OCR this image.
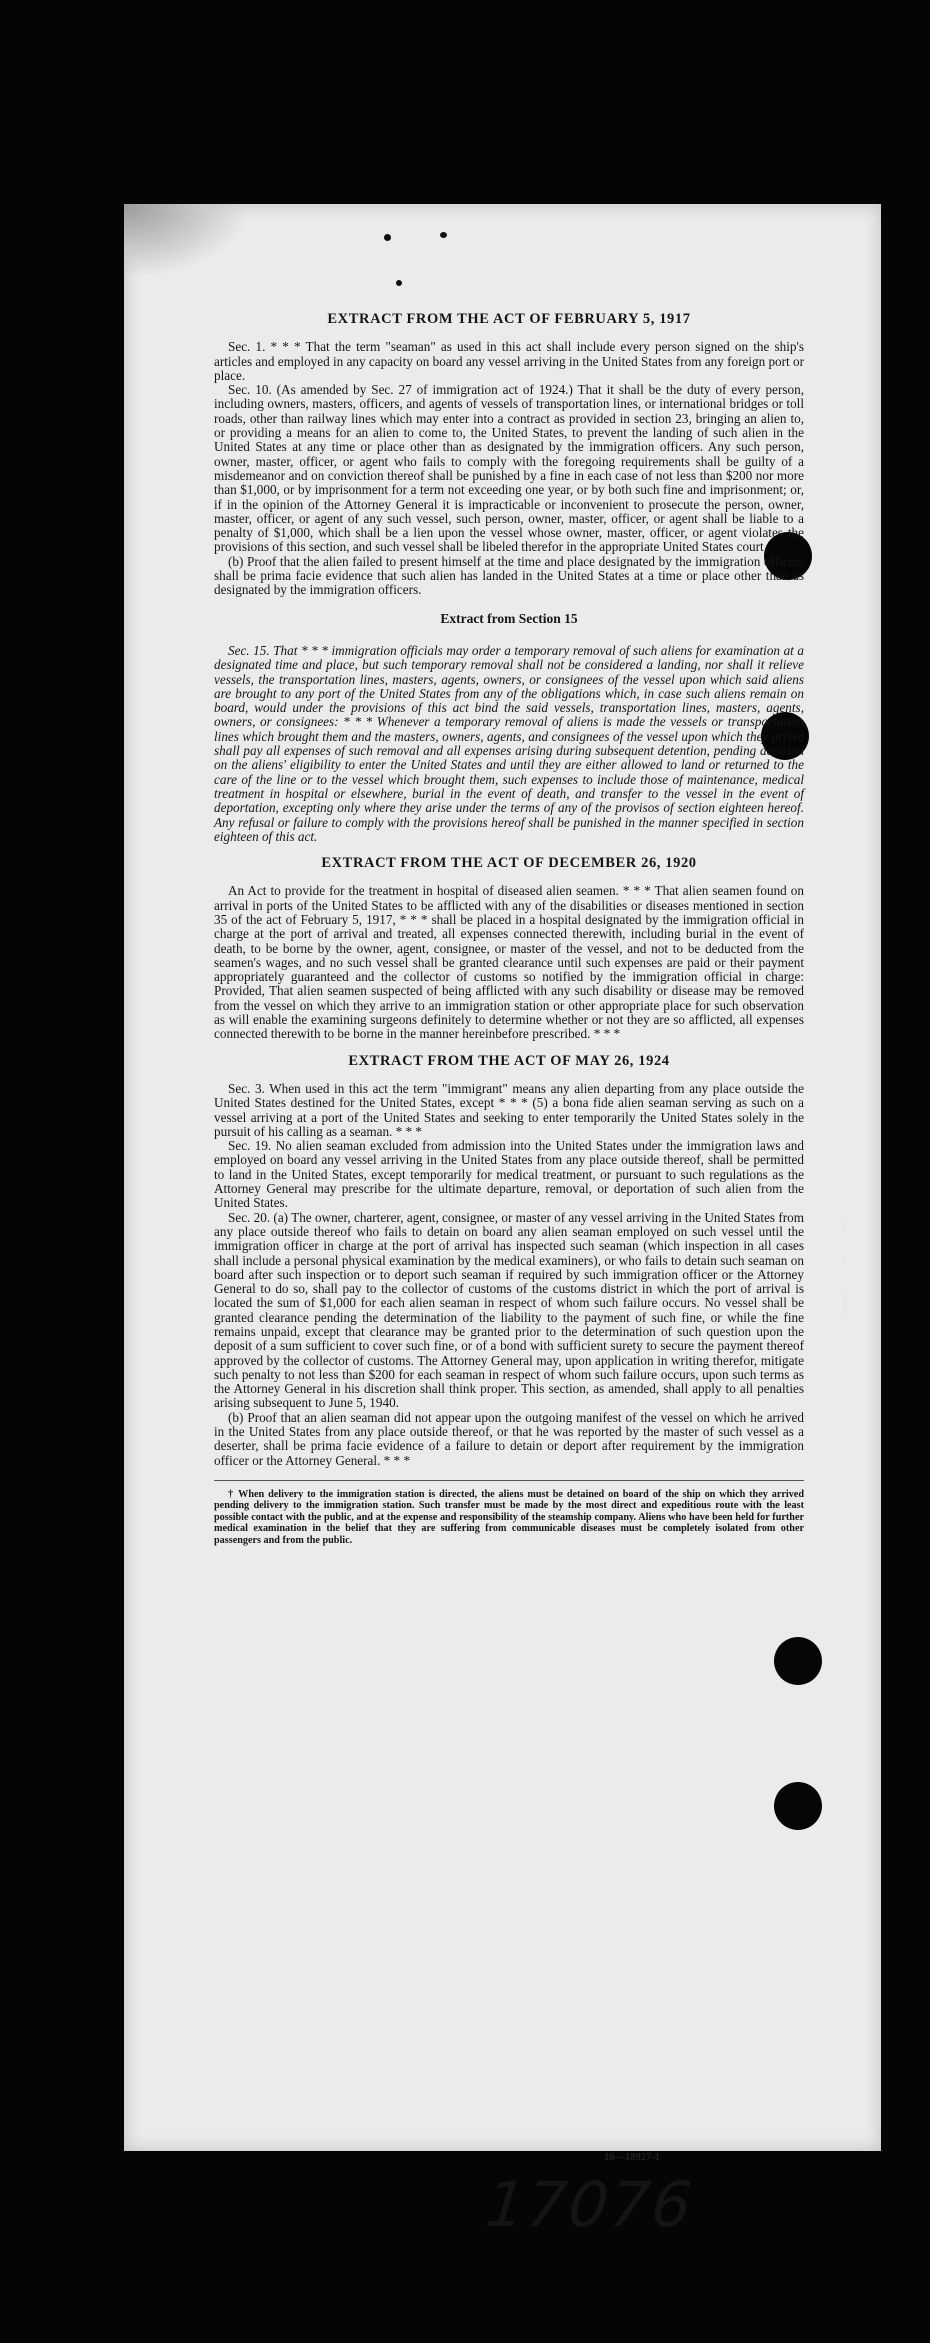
EXTRACT FROM THE ACT OF FEBRUARY 5, 1917

Sec. 1. * * * That the term "seaman" as used in this act shall include every person signed on the ship's articles and employed in any capacity on board any vessel arriving in the United States from any foreign port or place.

Sec. 10. (As amended by Sec. 27 of immigration act of 1924.) That it shall be the duty of every person, including owners, masters, officers, and agents of vessels of transportation lines, or international bridges or toll roads, other than railway lines which may enter into a contract as provided in section 23, bringing an alien to, or providing a means for an alien to come to, the United States, to prevent the landing of such alien in the United States at any time or place other than as designated by the immigration officers. Any such person, owner, master, officer, or agent who fails to comply with the foregoing requirements shall be guilty of a misdemeanor and on conviction thereof shall be punished by a fine in each case of not less than $200 nor more than $1,000, or by imprisonment for a term not exceeding one year, or by both such fine and imprisonment; or, if in the opinion of the Attorney General it is impracticable or inconvenient to prosecute the person, owner, master, officer, or agent of any such vessel, such person, owner, master, officer, or agent shall be liable to a penalty of $1,000, which shall be a lien upon the vessel whose owner, master, officer, or agent violates the provisions of this section, and such vessel shall be libeled therefor in the appropriate United States court.

(b) Proof that the alien failed to present himself at the time and place designated by the immigration officers shall be prima facie evidence that such alien has landed in the United States at a time or place other than as designated by the immigration officers.

Extract from Section 15

Sec. 15. That * * * immigration officials may order a temporary removal of such aliens for examination at a designated time and place, but such temporary removal shall not be considered a landing, nor shall it relieve vessels, the transportation lines, masters, agents, owners, or consignees of the vessel upon which said aliens are brought to any port of the United States from any of the obligations which, in case such aliens remain on board, would under the provisions of this act bind the said vessels, transportation lines, masters, agents, owners, or consignees: * * * Whenever a temporary removal of aliens is made the vessels or transportation lines which brought them and the masters, owners, agents, and consignees of the vessel upon which they arrive shall pay all expenses of such removal and all expenses arising during subsequent detention, pending decision on the aliens' eligibility to enter the United States and until they are either allowed to land or returned to the care of the line or to the vessel which brought them, such expenses to include those of maintenance, medical treatment in hospital or elsewhere, burial in the event of death, and transfer to the vessel in the event of deportation, excepting only where they arise under the terms of any of the provisos of section eighteen hereof. Any refusal or failure to comply with the provisions hereof shall be punished in the manner specified in section eighteen of this act.

EXTRACT FROM THE ACT OF DECEMBER 26, 1920

An Act to provide for the treatment in hospital of diseased alien seamen. * * * That alien seamen found on arrival in ports of the United States to be afflicted with any of the disabilities or diseases mentioned in section 35 of the act of February 5, 1917, * * * shall be placed in a hospital designated by the immigration official in charge at the port of arrival and treated, all expenses connected therewith, including burial in the event of death, to be borne by the owner, agent, consignee, or master of the vessel, and not to be deducted from the seamen's wages, and no such vessel shall be granted clearance until such expenses are paid or their payment appropriately guaranteed and the collector of customs so notified by the immigration official in charge: Provided, That alien seamen suspected of being afflicted with any such disability or disease may be removed from the vessel on which they arrive to an immigration station or other appropriate place for such observation as will enable the examining surgeons definitely to determine whether or not they are so afflicted, all expenses connected therewith to be borne in the manner hereinbefore prescribed. * * *

EXTRACT FROM THE ACT OF MAY 26, 1924

Sec. 3. When used in this act the term "immigrant" means any alien departing from any place outside the United States destined for the United States, except * * * (5) a bona fide alien seaman serving as such on a vessel arriving at a port of the United States and seeking to enter temporarily the United States solely in the pursuit of his calling as a seaman. * * *

Sec. 19. No alien seaman excluded from admission into the United States under the immigration laws and employed on board any vessel arriving in the United States from any place outside thereof, shall be permitted to land in the United States, except temporarily for medical treatment, or pursuant to such regulations as the Attorney General may prescribe for the ultimate departure, removal, or deportation of such alien from the United States.

Sec. 20. (a) The owner, charterer, agent, consignee, or master of any vessel arriving in the United States from any place outside thereof who fails to detain on board any alien seaman employed on such vessel until the immigration officer in charge at the port of arrival has inspected such seaman (which inspection in all cases shall include a personal physical examination by the medical examiners), or who fails to detain such seaman on board after such inspection or to deport such seaman if required by such immigration officer or the Attorney General to do so, shall pay to the collector of customs of the customs district in which the port of arrival is located the sum of $1,000 for each alien seaman in respect of whom such failure occurs. No vessel shall be granted clearance pending the determination of the liability to the payment of such fine, or while the fine remains unpaid, except that clearance may be granted prior to the determination of such question upon the deposit of a sum sufficient to cover such fine, or of a bond with sufficient surety to secure the payment thereof approved by the collector of customs. The Attorney General may, upon application in writing therefor, mitigate such penalty to not less than $200 for each seaman in respect of whom such failure occurs, upon such terms as the Attorney General in his discretion shall think proper. This section, as amended, shall apply to all penalties arising subsequent to June 5, 1940.

(b) Proof that an alien seaman did not appear upon the outgoing manifest of the vessel on which he arrived in the United States from any place outside thereof, or that he was reported by the master of such vessel as a deserter, shall be prima facie evidence of a failure to detain or deport after requirement by the immigration officer or the Attorney General. * * *

† When delivery to the immigration station is directed, the aliens must be detained on board of the ship on which they arrived pending delivery to the immigration station. Such transfer must be made by the most direct and expeditious route with the least possible contact with the public, and at the expense and responsibility of the steamship company. Aliens who have been held for further medical examination in the belief that they are suffering from communicable diseases must be completely isolated from other passengers and from the public.

16—18927-1
17076
